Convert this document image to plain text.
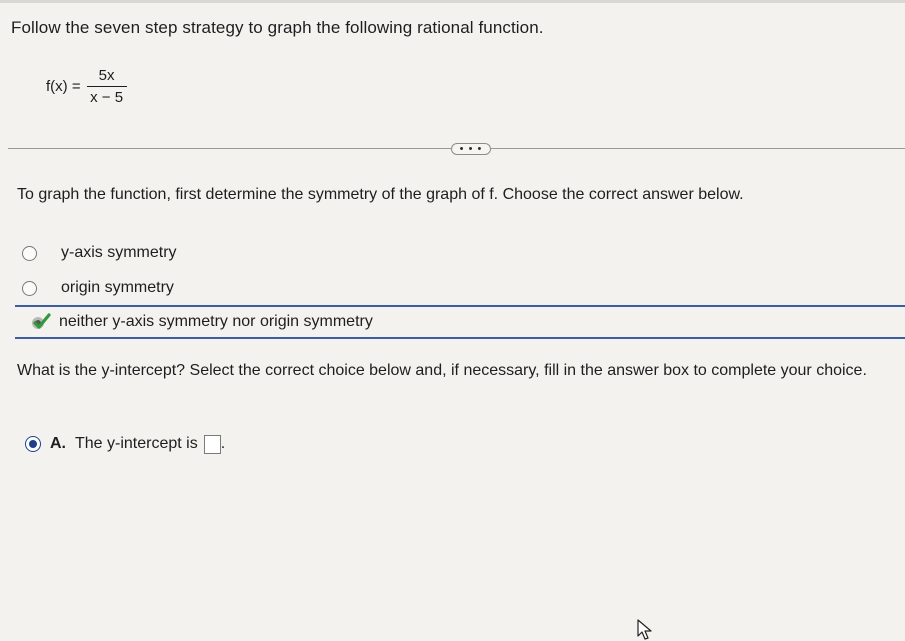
Follow the seven step strategy to graph the following rational function.
$f(x) = \frac{5x}{x - 5}$
• • •
To graph the function, first determine the symmetry of the graph of f. Choose the correct answer below.
y-axis symmetry
origin symmetry
neither y-axis symmetry nor origin symmetry
What is the y-intercept? Select the correct choice below and, if necessary, fill in the answer box to complete your choice.
A. The y-intercept is .
